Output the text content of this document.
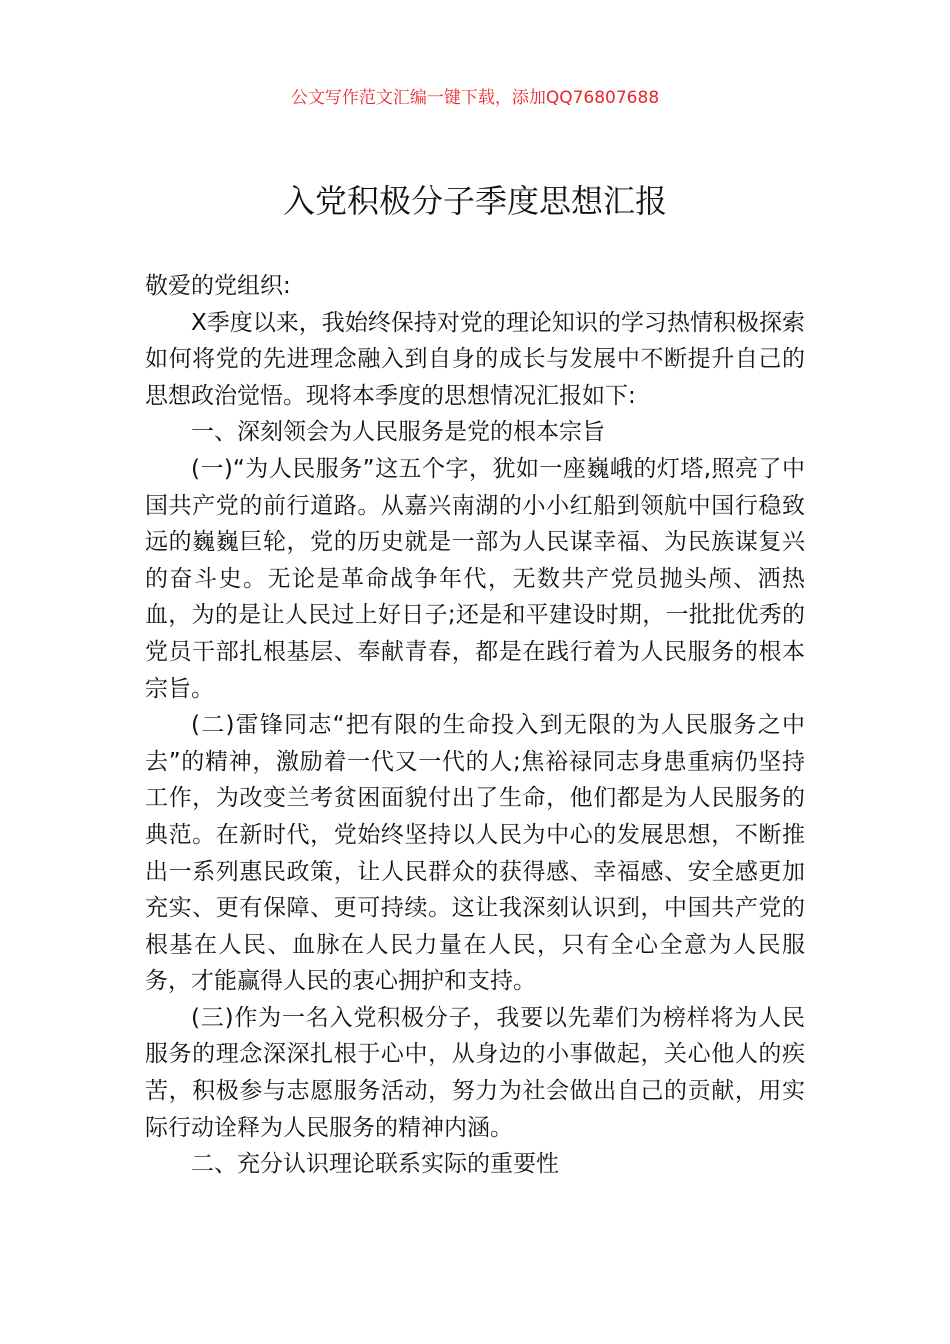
公文写作范文汇编一键下载，添加QQ76807688
入党积极分子季度思想汇报

敬爱的党组织:

X季度以来，我始终保持对党的理论知识的学习热情积极探索如何将党的先进理念融入到自身的成长与发展中不断提升自己的思想政治觉悟。现将本季度的思想情况汇报如下:

一、深刻领会为人民服务是党的根本宗旨

(一)“为人民服务”这五个字，犹如一座巍峨的灯塔,照亮了中国共产党的前行道路。从嘉兴南湖的小小红船到领航中国行稳致远的巍巍巨轮，党的历史就是一部为人民谋幸福、为民族谋复兴的奋斗史。无论是革命战争年代，无数共产党员抛头颅、洒热血，为的是让人民过上好日子;还是和平建设时期，一批批优秀的党员干部扎根基层、奉献青春，都是在践行着为人民服务的根本宗旨。

(二)雷锋同志“把有限的生命投入到无限的为人民服务之中去”的精神，激励着一代又一代的人;焦裕禄同志身患重病仍坚持工作，为改变兰考贫困面貌付出了生命，他们都是为人民服务的典范。在新时代，党始终坚持以人民为中心的发展思想，不断推出一系列惠民政策，让人民群众的获得感、幸福感、安全感更加充实、更有保障、更可持续。这让我深刻认识到，中国共产党的根基在人民、血脉在人民力量在人民，只有全心全意为人民服务，才能赢得人民的衷心拥护和支持。

(三)作为一名入党积极分子，我要以先辈们为榜样将为人民服务的理念深深扎根于心中，从身边的小事做起，关心他人的疾苦，积极参与志愿服务活动，努力为社会做出自己的贡献，用实际行动诠释为人民服务的精神内涵。

二、充分认识理论联系实际的重要性
